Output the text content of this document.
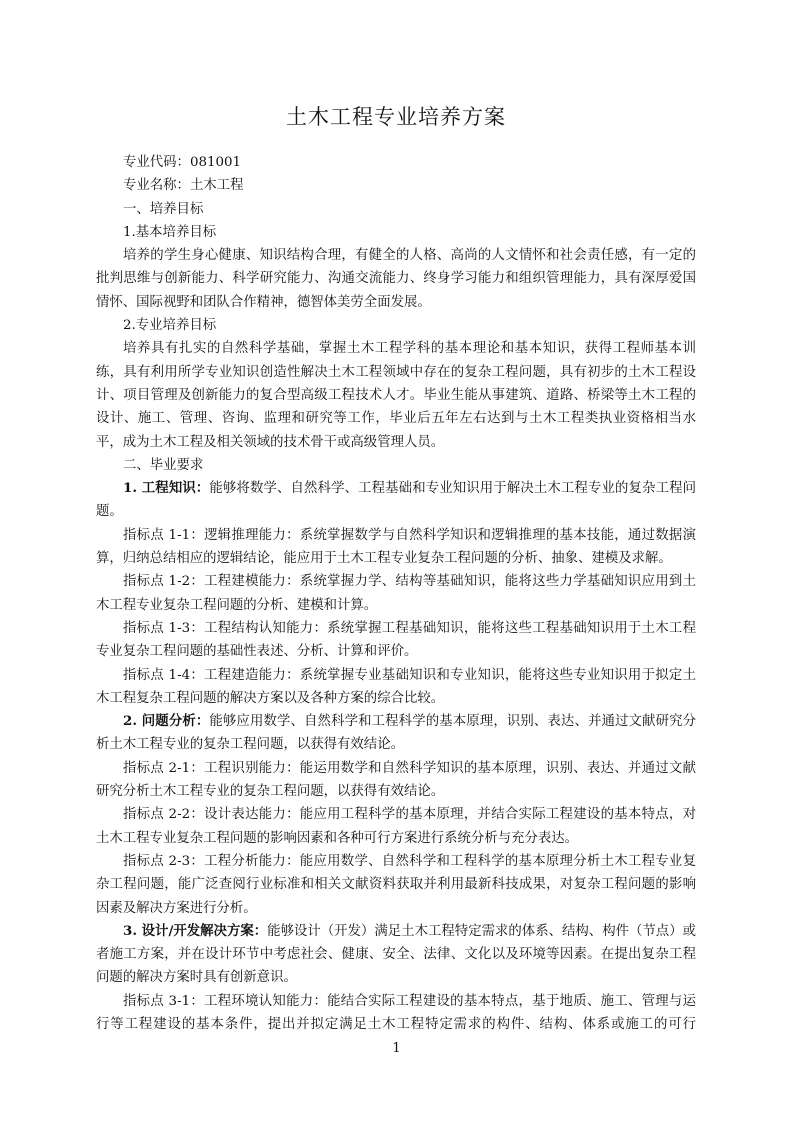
土木工程专业培养方案

专业代码：081001

专业名称：土木工程

一、培养目标

1.基本培养目标

培养的学生身心健康、知识结构合理，有健全的人格、高尚的人文情怀和社会责任感，有一定的批判思维与创新能力、科学研究能力、沟通交流能力、终身学习能力和组织管理能力，具有深厚爱国情怀、国际视野和团队合作精神，德智体美劳全面发展。

2.专业培养目标

培养具有扎实的自然科学基础，掌握土木工程学科的基本理论和基本知识，获得工程师基本训练，具有利用所学专业知识创造性解决土木工程领域中存在的复杂工程问题，具有初步的土木工程设计、项目管理及创新能力的复合型高级工程技术人才。毕业生能从事建筑、道路、桥梁等土木工程的设计、施工、管理、咨询、监理和研究等工作，毕业后五年左右达到与土木工程类执业资格相当水平，成为土木工程及相关领域的技术骨干或高级管理人员。

二、毕业要求

1. 工程知识：能够将数学、自然科学、工程基础和专业知识用于解决土木工程专业的复杂工程问题。

指标点 1-1：逻辑推理能力：系统掌握数学与自然科学知识和逻辑推理的基本技能，通过数据演算，归纳总结相应的逻辑结论，能应用于土木工程专业复杂工程问题的分析、抽象、建模及求解。

指标点 1-2：工程建模能力：系统掌握力学、结构等基础知识，能将这些力学基础知识应用到土木工程专业复杂工程问题的分析、建模和计算。

指标点 1-3：工程结构认知能力：系统掌握工程基础知识，能将这些工程基础知识用于土木工程专业复杂工程问题的基础性表述、分析、计算和评价。

指标点 1-4：工程建造能力：系统掌握专业基础知识和专业知识，能将这些专业知识用于拟定土木工程复杂工程问题的解决方案以及各种方案的综合比较。

2. 问题分析：能够应用数学、自然科学和工程科学的基本原理，识别、表达、并通过文献研究分析土木工程专业的复杂工程问题，以获得有效结论。

指标点 2-1：工程识别能力：能运用数学和自然科学知识的基本原理，识别、表达、并通过文献研究分析土木工程专业的复杂工程问题，以获得有效结论。

指标点 2-2：设计表达能力：能应用工程科学的基本原理，并结合实际工程建设的基本特点，对土木工程专业复杂工程问题的影响因素和各种可行方案进行系统分析与充分表达。

指标点 2-3：工程分析能力：能应用数学、自然科学和工程科学的基本原理分析土木工程专业复杂工程问题，能广泛查阅行业标准和相关文献资料获取并利用最新科技成果，对复杂工程问题的影响因素及解决方案进行分析。

3. 设计/开发解决方案：能够设计（开发）满足土木工程特定需求的体系、结构、构件（节点）或者施工方案，并在设计环节中考虑社会、健康、安全、法律、文化以及环境等因素。在提出复杂工程问题的解决方案时具有创新意识。

指标点 3-1：工程环境认知能力：能结合实际工程建设的基本特点，基于地质、施工、管理与运行等工程建设的基本条件，提出并拟定满足土木工程特定需求的构件、结构、体系或施工的可行

1
